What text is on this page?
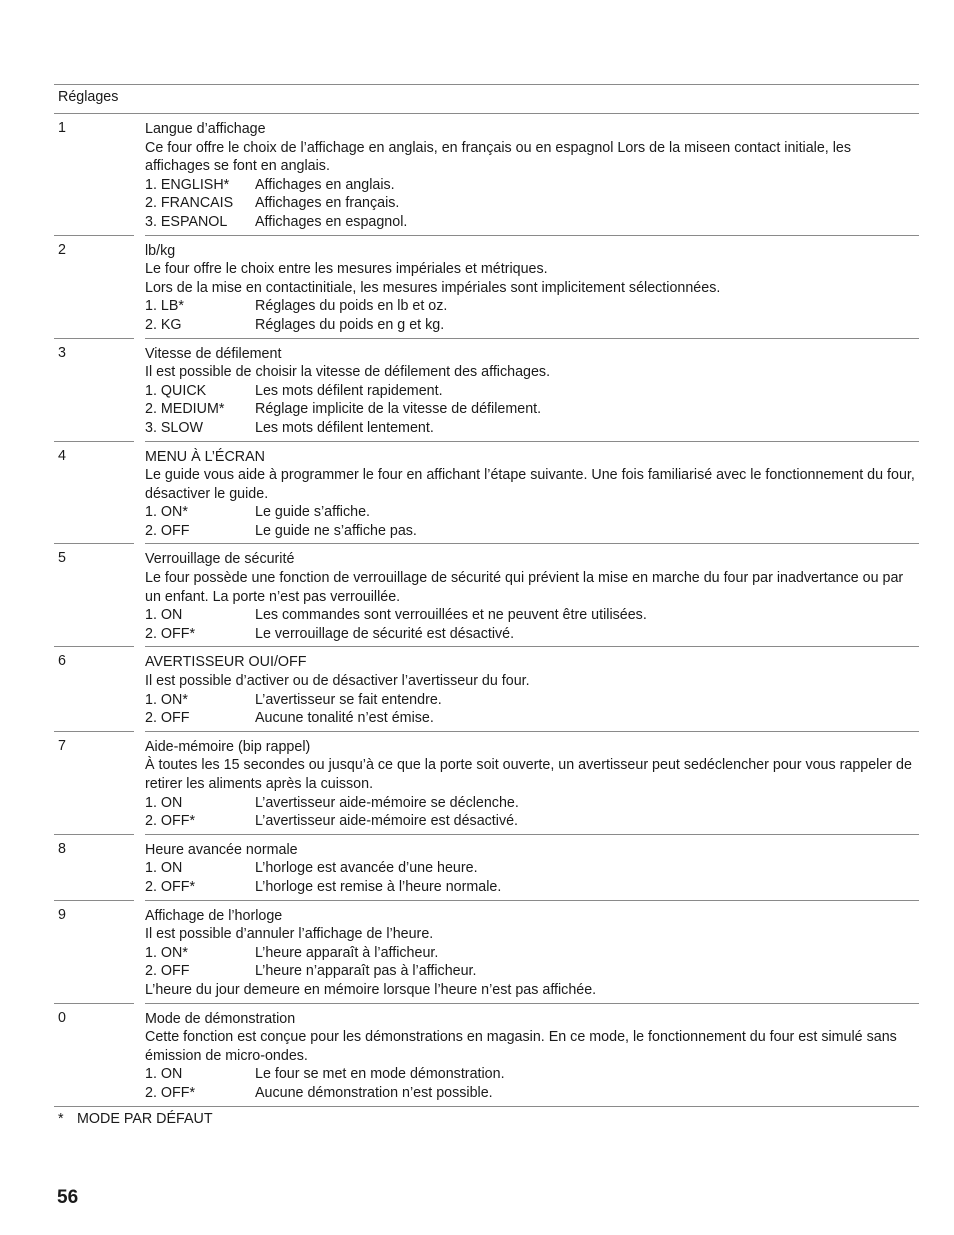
Réglages
1	Langue d’affichage
Ce four offre le choix de l’affichage en anglais, en français ou en espagnol Lors de la miseen contact initiale, les affichages se font en anglais.
1. ENGLISH*	Affichages en anglais.
2. FRANCAIS	Affichages en français.
3. ESPANOL	Affichages en espagnol.
2	lb/kg
Le four offre le choix entre les mesures impériales et métriques.
Lors de la mise en contactinitiale, les mesures impériales sont implicitement sélectionnées.
1. LB*	Réglages du poids en lb et oz.
2. KG	Réglages du poids en g et kg.
3	Vitesse de défilement
Il est possible de choisir la vitesse de défilement des affichages.
1. QUICK	Les mots défilent rapidement.
2. MEDIUM*	Réglage implicite de la vitesse de défilement.
3. SLOW	Les mots défilent lentement.
4	MENU À L’ÉCRAN
Le guide vous aide à programmer le four en affichant l’étape suivante. Une fois familiarisé avec le fonctionnement du four, désactiver le guide.
1. ON*	Le guide s’affiche.
2. OFF	Le guide ne s’affiche pas.
5	Verrouillage de sécurité
Le four possède une fonction de verrouillage de sécurité qui prévient la mise en marche du four par inadvertance ou par un enfant. La porte n’est pas verrouillée.
1. ON	Les commandes sont verrouillées et ne peuvent être utilisées.
2. OFF*	Le verrouillage de sécurité est désactivé.
6	AVERTISSEUR OUI/OFF
Il est possible d’activer ou de désactiver l’avertisseur du four.
1. ON*	L’avertisseur se fait entendre.
2. OFF	Aucune tonalité n’est émise.
7	Aide-mémoire (bip rappel)
À toutes les 15 secondes ou jusqu’à ce que la porte soit ouverte, un avertisseur peut sedéclencher pour vous rappeler de retirer les aliments après la cuisson.
1. ON	L’avertisseur aide-mémoire se déclenche.
2. OFF*	L’avertisseur aide-mémoire est désactivé.
8	Heure avancée normale
1. ON	L’horloge est avancée d’une heure.
2. OFF*	L’horloge est remise à l’heure normale.
9	Affichage de l’horloge
Il est possible d’annuler l’affichage de l’heure.
1. ON*	L’heure apparaît à l’afficheur.
2. OFF	L’heure n’apparaît pas à l’afficheur.
L’heure du jour demeure en mémoire lorsque l’heure n’est pas affichée.
0	Mode de démonstration
Cette fonction est conçue pour les démonstrations en magasin. En ce mode, le fonctionnement du four est simulé sans émission de micro-ondes.
1. ON	Le four se met en mode démonstration.
2. OFF*	Aucune démonstration n’est possible.
* MODE PAR DÉFAUT
56
